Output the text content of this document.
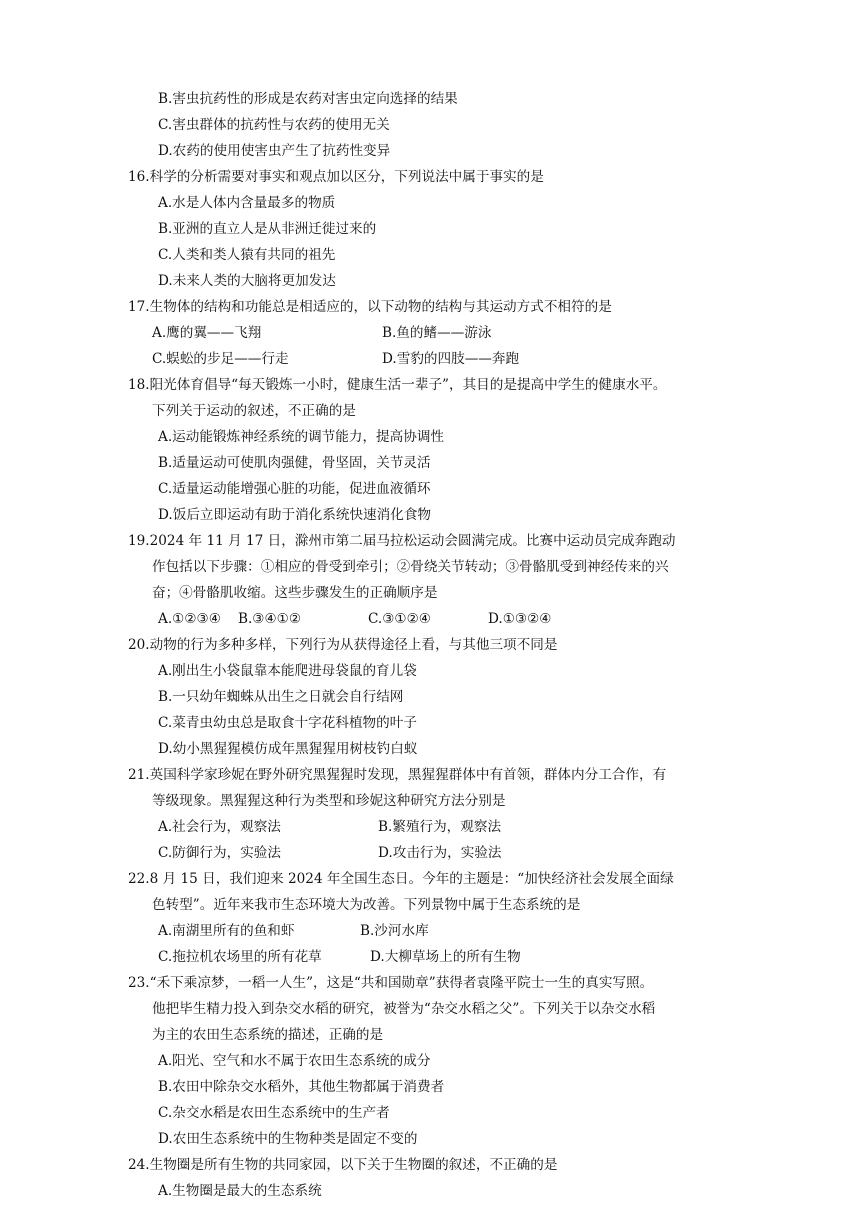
B.害虫抗药性的形成是农药对害虫定向选择的结果
C.害虫群体的抗药性与农药的使用无关
D.农药的使用使害虫产生了抗药性变异
16.科学的分析需要对事实和观点加以区分，下列说法中属于事实的是
A.水是人体内含量最多的物质
B.亚洲的直立人是从非洲迁徙过来的
C.人类和类人猿有共同的祖先
D.未来人类的大脑将更加发达
17.生物体的结构和功能总是相适应的，以下动物的结构与其运动方式不相符的是
A.鹰的翼——飞翔	B.鱼的鳍——游泳
C.蜈蚣的步足——行走	D.雪豹的四肢——奔跑
18.阳光体育倡导“每天锻炼一小时，健康生活一辈子”，其目的是提高中学生的健康水平。
下列关于运动的叙述，不正确的是
A.运动能锻炼神经系统的调节能力，提高协调性
B.适量运动可使肌肉强健，骨坚固，关节灵活
C.适量运动能增强心脏的功能，促进血液循环
D.饭后立即运动有助于消化系统快速消化食物
19.2024 年 11 月 17 日，滁州市第二届马拉松运动会圆满完成。比赛中运动员完成奔跑动
作包括以下步骤：①相应的骨受到牵引；②骨绕关节转动；③骨骼肌受到神经传来的兴
奋；④骨骼肌收缩。这些步骤发生的正确顺序是
A.①②③④ B.③④①②	C.③①②④	D.①③②④
20.动物的行为多种多样，下列行为从获得途径上看，与其他三项不同是
A.刚出生小袋鼠靠本能爬进母袋鼠的育儿袋
B.一只幼年蜘蛛从出生之日就会自行结网
C.菜青虫幼虫总是取食十字花科植物的叶子
D.幼小黑猩猩模仿成年黑猩猩用树枝钓白蚁
21.英国科学家珍妮在野外研究黑猩猩时发现，黑猩猩群体中有首领，群体内分工合作，有
等级现象。黑猩猩这种行为类型和珍妮这种研究方法分别是
A.社会行为，观察法	B.繁殖行为，观察法
C.防御行为，实验法	D.攻击行为，实验法
22.8 月 15 日，我们迎来 2024 年全国生态日。今年的主题是：“加快经济社会发展全面绿
色转型”。近年来我市生态环境大为改善。下列景物中属于生态系统的是
A.南湖里所有的鱼和虾	B.沙河水库
C.拖拉机农场里的所有花草	D.大柳草场上的所有生物
23.“禾下乘凉梦，一稻一人生”，这是“共和国勋章”获得者袁隆平院士一生的真实写照。
他把毕生精力投入到杂交水稻的研究，被誉为“杂交水稻之父”。下列关于以杂交水稻
为主的农田生态系统的描述，正确的是
A.阳光、空气和水不属于农田生态系统的成分
B.农田中除杂交水稻外，其他生物都属于消费者
C.杂交水稻是农田生态系统中的生产者
D.农田生态系统中的生物种类是固定不变的
24.生物圈是所有生物的共同家园，以下关于生物圈的叙述，不正确的是
A.生物圈是最大的生态系统
